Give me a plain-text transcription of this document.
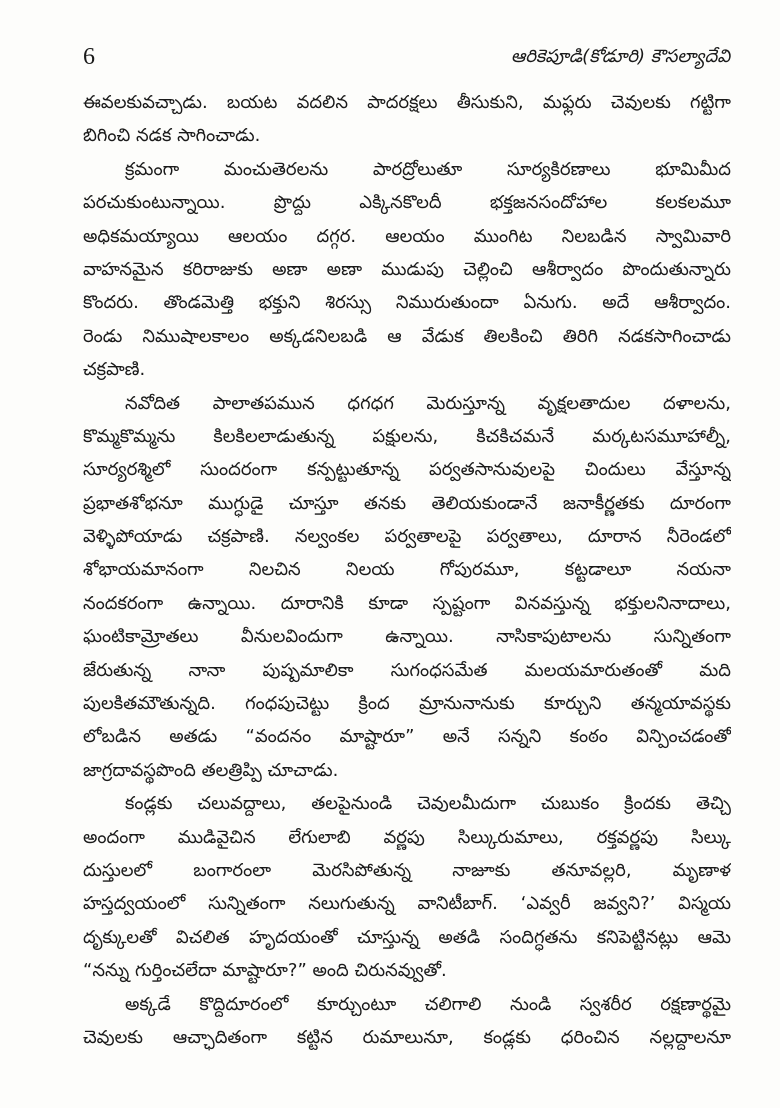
6	ఆరికెపూడి(కోడూరి) కౌసల్యాదేవి
ఈవలకువచ్చాడు. బయట వదలిన పాదరక్షలు తీసుకుని, మఫ్లరు చెవులకు గట్టిగా
బిగించి నడక సాగించాడు.
క్రమంగా మంచుతెరలను పారద్రోలుతూ సూర్యకిరణాలు భూమిమీద
పరచుకుంటున్నాయి. ప్రొద్దు ఎక్కినకొలదీ భక్తజనసందోహాల కలకలమూ
అధికమయ్యాయి ఆలయం దగ్గర. ఆలయం ముంగిట నిలబడిన స్వామివారి
వాహనమైన కరిరాజుకు అణా అణా ముడుపు చెల్లించి ఆశీర్వాదం పొందుతున్నారు
కొందరు. తొండమెత్తి భక్తుని శిరస్సు నిమురుతుందా ఏనుగు. అదే ఆశీర్వాదం.
రెండు నిముషాలకాలం అక్కడనిలబడి ఆ వేడుక తిలకించి తిరిగి నడకసాగించాడు
చక్రపాణి.
నవోదిత పాలాతపమున ధగధగ మెరుస్తూన్న వృక్షలతాదుల దళాలను,
కొమ్మకొమ్మను కిలకిలలాడుతున్న పక్షులను, కిచకిచమనే మర్కటసమూహాల్నీ,
సూర్యరశ్మిలో సుందరంగా కన్పట్టుతూన్న పర్వతసానువులపై చిందులు వేస్తూన్న
ప్రభాతశోభనూ ముగ్ధుడై చూస్తూ తనకు తెలియకుండానే జనాకీర్ణతకు దూరంగా
వెళ్ళిపోయాడు చక్రపాణి. నల్వంకల పర్వతాలపై పర్వతాలు, దూరాన నీరెండలో
శోభాయమానంగా నిలచిన నిలయ గోపురమూ, కట్టడాలూ నయనా
నందకరంగా ఉన్నాయి. దూరానికి కూడా స్పష్టంగా వినవస్తున్న భక్తులనినాదాలు,
ఘంటికామ్రోతలు వీనులవిందుగా ఉన్నాయి. నాసికాపుటాలను సున్నితంగా
జేరుతున్న నానా పుష్పమాలికా సుగంధసమేత మలయమారుతంతో మది
పులకితమౌతున్నది. గంధపుచెట్టు క్రింద మ్రానునానుకు కూర్చుని తన్మయావస్థకు
లోబడిన అతడు “వందనం మాష్టారూ” అనే సన్నని కంఠం విన్పించడంతో
జాగ్రదావస్థపొంది తలత్రిప్పి చూచాడు.
కండ్లకు చలువద్దాలు, తలపైనుండి చెవులమీదుగా చుబుకం క్రిందకు తెచ్చి
అందంగా ముడివైచిన లేగులాబి వర్ణపు సిల్కురుమాలు, రక్తవర్ణపు సిల్కు
దుస్తులలో బంగారంలా మెరసిపోతున్న నాజూకు తనూవల్లరి, మృణాళ
హస్తద్వయంలో సున్నితంగా నలుగుతున్న వానిటీబాగ్. ‘ఎవ్వరీ జవ్వని?’ విస్మయ
దృక్కులతో విచలిత హృదయంతో చూస్తున్న అతడి సందిగ్ధతను కనిపెట్టినట్లు ఆమె
“నన్ను గుర్తించలేదా మాష్టారూ?” అంది చిరునవ్వుతో.
అక్కడే కొద్దిదూరంలో కూర్చుంటూ చలిగాలి నుండి స్వశరీర రక్షణార్థమై
చెవులకు ఆచ్ఛాదితంగా కట్టిన రుమాలునూ, కండ్లకు ధరించిన నల్లద్దాలనూ
